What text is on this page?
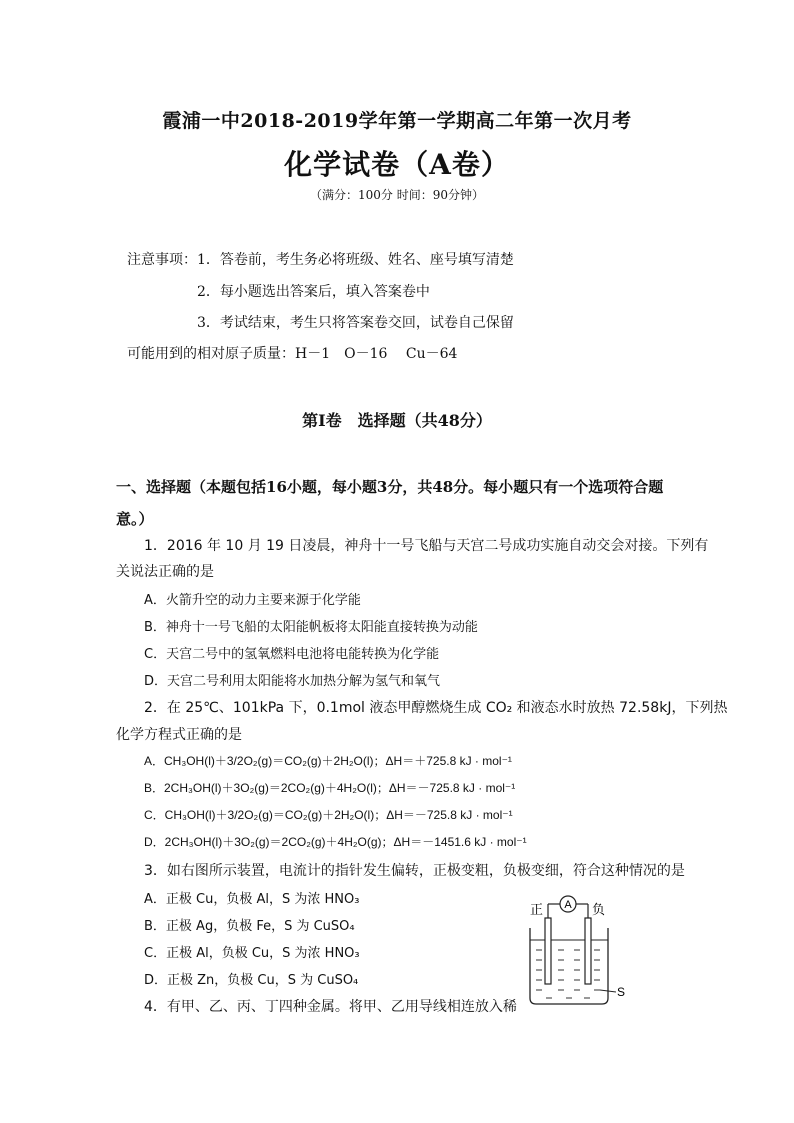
霞浦一中2018-2019学年第一学期高二年第一次月考
化学试卷（A卷）
（满分：100分 时间：90分钟）
注意事项：1．答卷前，考生务必将班级、姓名、座号填写清楚
2．每小题选出答案后，填入答案卷中
3．考试结束，考生只将答案卷交回，试卷自己保留
可能用到的相对原子质量：H－1　O－16　 Cu－64
第Ⅰ卷　选择题（共48分）
一、选择题（本题包括16小题，每小题3分，共48分。每小题只有一个选项符合题
意。）
1．2016 年 10 月 19 日凌晨，神舟十一号飞船与天宫二号成功实施自动交会对接。下列有
关说法正确的是
A．火箭升空的动力主要来源于化学能
B．神舟十一号飞船的太阳能帆板将太阳能直接转换为动能
C．天宫二号中的氢氧燃料电池将电能转换为化学能
D．天宫二号利用太阳能将水加热分解为氢气和氧气
2．在 25℃、101kPa 下，0.1mol 液态甲醇燃烧生成 CO₂ 和液态水时放热 72.58kJ，下列热
化学方程式正确的是
A．CH₃OH(l)＋3/2O₂(g)＝CO₂(g)＋2H₂O(l)；ΔH＝＋725.8 kJ · mol⁻¹
B．2CH₃OH(l)＋3O₂(g)＝2CO₂(g)＋4H₂O(l)；ΔH＝－725.8 kJ · mol⁻¹
C．CH₃OH(l)＋3/2O₂(g)＝CO₂(g)＋2H₂O(l)；ΔH＝－725.8 kJ · mol⁻¹
D．2CH₃OH(l)＋3O₂(g)＝2CO₂(g)＋4H₂O(g)；ΔH＝－1451.6 kJ · mol⁻¹
3．如右图所示装置，电流计的指针发生偏转，正极变粗，负极变细，符合这种情况的是
A．正极 Cu，负极 Al，S 为浓 HNO₃
B．正极 Ag，负极 Fe，S 为 CuSO₄
C．正极 Al，负极 Cu，S 为浓 HNO₃
D．正极 Zn，负极 Cu，S 为 CuSO₄
4．有甲、乙、丙、丁四种金属。将甲、乙用导线相连放入稀
A
正	负
S
